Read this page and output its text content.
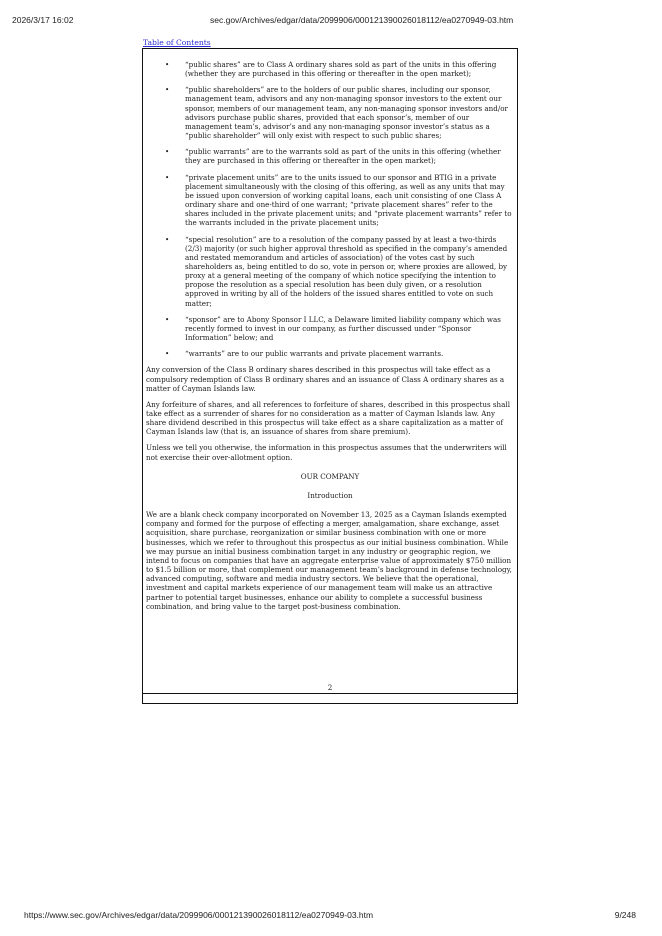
2026/3/17 16:02	sec.gov/Archives/edgar/data/2099906/000121390026018112/ea0270949-03.htm
Table of Contents
• “public shares” are to Class A ordinary shares sold as part of the units in this offering (whether they are purchased in this offering or thereafter in the open market);
• “public shareholders” are to the holders of our public shares, including our sponsor, management team, advisors and any non-managing sponsor investors to the extent our sponsor, members of our management team, any non-managing sponsor investors and/or advisors purchase public shares, provided that each sponsor’s, member of our management team’s, advisor’s and any non-managing sponsor investor’s status as a “public shareholder” will only exist with respect to such public shares;
• “public warrants” are to the warrants sold as part of the units in this offering (whether they are purchased in this offering or thereafter in the open market);
• “private placement units” are to the units issued to our sponsor and BTIG in a private placement simultaneously with the closing of this offering, as well as any units that may be issued upon conversion of working capital loans, each unit consisting of one Class A ordinary share and one-third of one warrant; “private placement shares” refer to the shares included in the private placement units; and “private placement warrants” refer to the warrants included in the private placement units;
• “special resolution” are to a resolution of the company passed by at least a two-thirds (2/3) majority (or such higher approval threshold as specified in the company’s amended and restated memorandum and articles of association) of the votes cast by such shareholders as, being entitled to do so, vote in person or, where proxies are allowed, by proxy at a general meeting of the company of which notice specifying the intention to propose the resolution as a special resolution has been duly given, or a resolution approved in writing by all of the holders of the issued shares entitled to vote on such matter;
• “sponsor” are to Abony Sponsor I LLC, a Delaware limited liability company which was recently formed to invest in our company, as further discussed under “Sponsor Information” below; and
• “warrants” are to our public warrants and private placement warrants.

Any conversion of the Class B ordinary shares described in this prospectus will take effect as a compulsory redemption of Class B ordinary shares and an issuance of Class A ordinary shares as a matter of Cayman Islands law.

Any forfeiture of shares, and all references to forfeiture of shares, described in this prospectus shall take effect as a surrender of shares for no consideration as a matter of Cayman Islands law. Any share dividend described in this prospectus will take effect as a share capitalization as a matter of Cayman Islands law (that is, an issuance of shares from share premium).

Unless we tell you otherwise, the information in this prospectus assumes that the underwriters will not exercise their over-allotment option.

OUR COMPANY
Introduction

We are a blank check company incorporated on November 13, 2025 as a Cayman Islands exempted company and formed for the purpose of effecting a merger, amalgamation, share exchange, asset acquisition, share purchase, reorganization or similar business combination with one or more businesses, which we refer to throughout this prospectus as our initial business combination. While we may pursue an initial business combination target in any industry or geographic region, we intend to focus on companies that have an aggregate enterprise value of approximately $750 million to $1.5 billion or more, that complement our management team’s background in defense technology, advanced computing, software and media industry sectors. We believe that the operational, investment and capital markets experience of our management team will make us an attractive partner to potential target businesses, enhance our ability to complete a successful business combination, and bring value to the target post-business combination.

2
https://www.sec.gov/Archives/edgar/data/2099906/000121390026018112/ea0270949-03.htm	9/248
